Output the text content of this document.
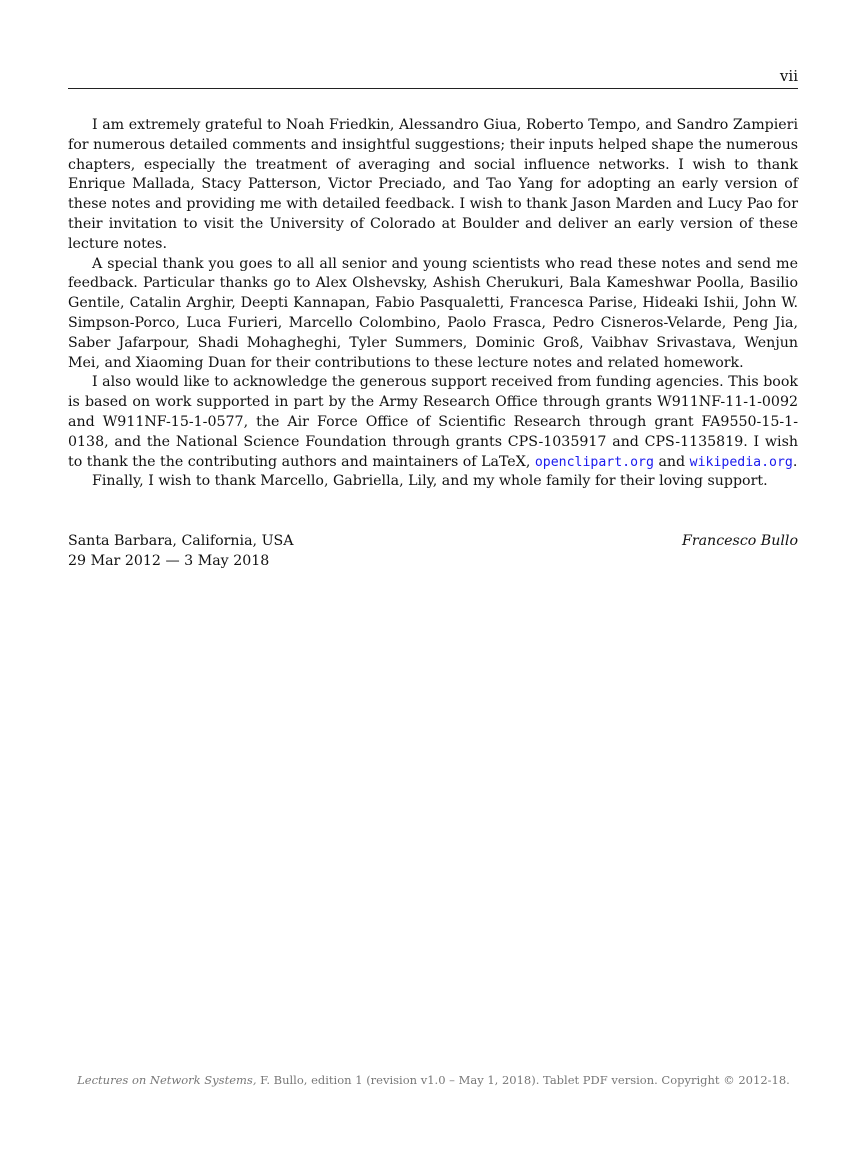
vii

I am extremely grateful to Noah Friedkin, Alessandro Giua, Roberto Tempo, and Sandro Zampieri for numerous detailed comments and insightful suggestions; their inputs helped shape the numerous chapters, especially the treatment of averaging and social influence networks. I wish to thank Enrique Mallada, Stacy Patterson, Victor Preciado, and Tao Yang for adopting an early version of these notes and providing me with detailed feedback. I wish to thank Jason Marden and Lucy Pao for their invitation to visit the University of Colorado at Boulder and deliver an early version of these lecture notes.

A special thank you goes to all all senior and young scientists who read these notes and send me feedback. Particular thanks go to Alex Olshevsky, Ashish Cherukuri, Bala Kameshwar Poolla, Basilio Gentile, Catalin Arghir, Deepti Kannapan, Fabio Pasqualetti, Francesca Parise, Hideaki Ishii, John W. Simpson-Porco, Luca Furieri, Marcello Colombino, Paolo Frasca, Pedro Cisneros-Velarde, Peng Jia, Saber Jafarpour, Shadi Mohagheghi, Tyler Summers, Dominic Groß, Vaibhav Srivastava, Wenjun Mei, and Xiaoming Duan for their contributions to these lecture notes and related homework.

I also would like to acknowledge the generous support received from funding agencies. This book is based on work supported in part by the Army Research Office through grants W911NF-11-1-0092 and W911NF-15-1-0577, the Air Force Office of Scientific Research through grant FA9550-15-1-0138, and the National Science Foundation through grants CPS-1035917 and CPS-1135819. I wish to thank the the contributing authors and maintainers of LaTeX, openclipart.org and wikipedia.org.

Finally, I wish to thank Marcello, Gabriella, Lily, and my whole family for their loving support.

Santa Barbara, California, USA	Francesco Bullo
29 Mar 2012 — 3 May 2018
Lectures on Network Systems, F. Bullo, edition 1 (revision v1.0 – May 1, 2018). Tablet PDF version. Copyright © 2012-18.
